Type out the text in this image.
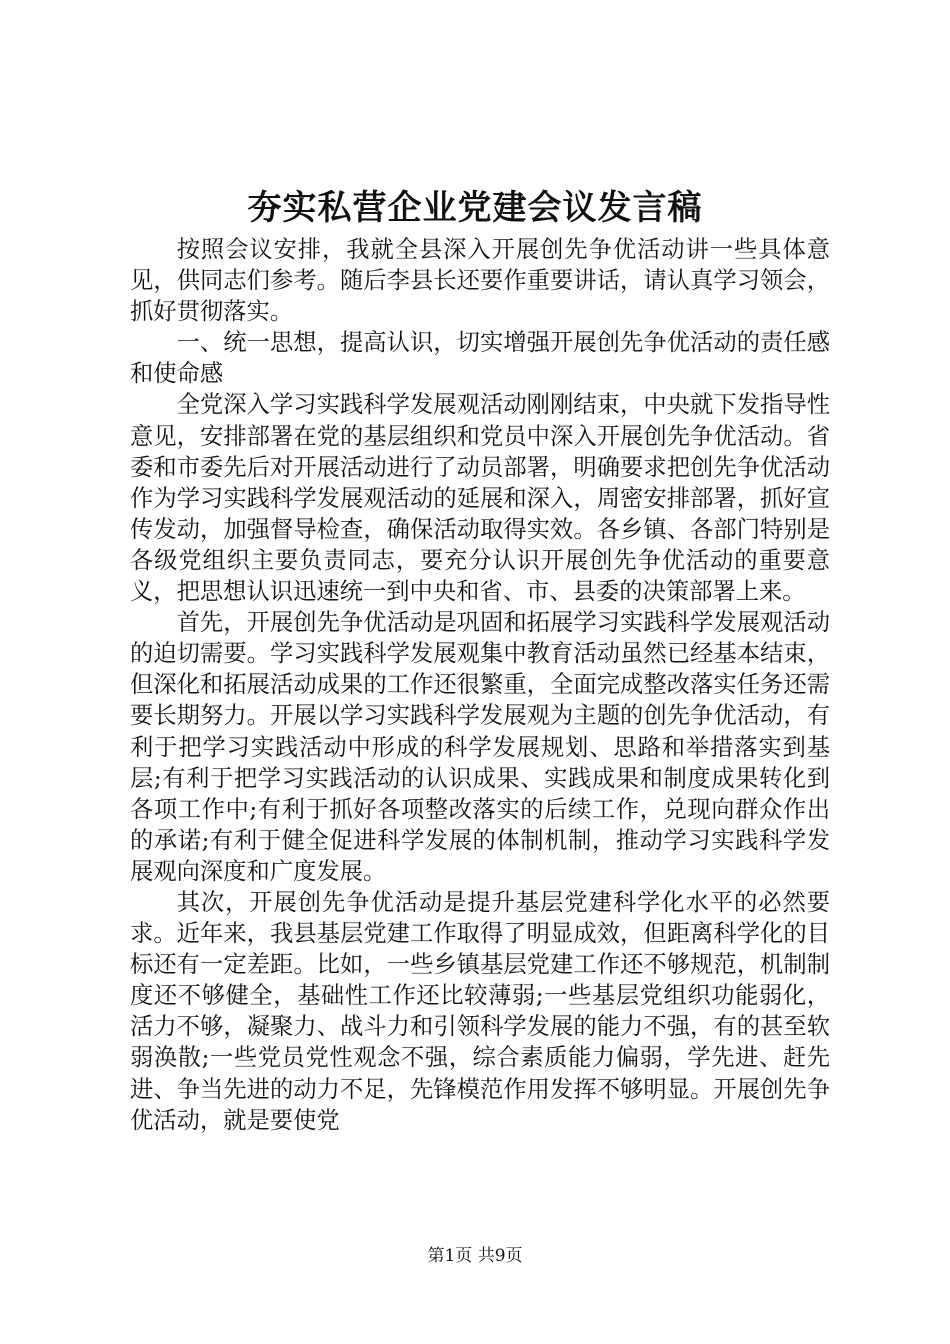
夯实私营企业党建会议发言稿

按照会议安排，我就全县深入开展创先争优活动讲一些具体意见，供同志们参考。随后李县长还要作重要讲话，请认真学习领会，抓好贯彻落实。

一、统一思想，提高认识，切实增强开展创先争优活动的责任感和使命感

全党深入学习实践科学发展观活动刚刚结束，中央就下发指导性意见，安排部署在党的基层组织和党员中深入开展创先争优活动。省委和市委先后对开展活动进行了动员部署，明确要求把创先争优活动作为学习实践科学发展观活动的延展和深入，周密安排部署，抓好宣传发动，加强督导检查，确保活动取得实效。各乡镇、各部门特别是各级党组织主要负责同志，要充分认识开展创先争优活动的重要意义，把思想认识迅速统一到中央和省、市、县委的决策部署上来。

首先，开展创先争优活动是巩固和拓展学习实践科学发展观活动的迫切需要。学习实践科学发展观集中教育活动虽然已经基本结束，但深化和拓展活动成果的工作还很繁重，全面完成整改落实任务还需要长期努力。开展以学习实践科学发展观为主题的创先争优活动，有利于把学习实践活动中形成的科学发展规划、思路和举措落实到基层;有利于把学习实践活动的认识成果、实践成果和制度成果转化到各项工作中;有利于抓好各项整改落实的后续工作，兑现向群众作出的承诺;有利于健全促进科学发展的体制机制，推动学习实践科学发展观向深度和广度发展。

其次，开展创先争优活动是提升基层党建科学化水平的必然要求。近年来，我县基层党建工作取得了明显成效，但距离科学化的目标还有一定差距。比如，一些乡镇基层党建工作还不够规范，机制制度还不够健全，基础性工作还比较薄弱;一些基层党组织功能弱化，活力不够，凝聚力、战斗力和引领科学发展的能力不强，有的甚至软弱涣散;一些党员党性观念不强，综合素质能力偏弱，学先进、赶先进、争当先进的动力不足，先锋模范作用发挥不够明显。开展创先争优活动，就是要使党

第1页 共9页
